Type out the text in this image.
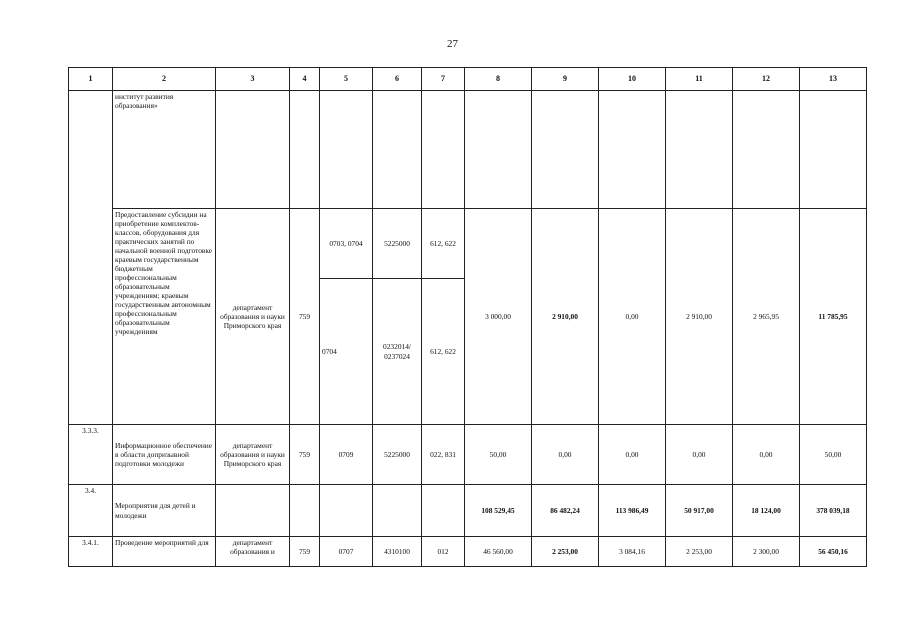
27
1	2	3	4	5	6	7	8	9	10	11	12	13
	институт развития образования»											
	Предоставление субсидии на приобретение комплектов-классов, оборудования для практических занятий по начальной военной подготовке краевым государственным бюджетным профессиональным образовательным учреждениям; краевым государственным автономным профессиональным образовательным учреждениям	департамент образования и науки Приморского края	759	0703, 0704	5225000	612, 622	3 000,00	2 910,00	0,00	2 910,00	2 965,95	11 785,95
				0704	0232014/ 0237024	612, 622						
3.3.3.	Информационное обеспечение в области допризывной подготовки молодежи	департамент образования и науки Приморского края	759	0709	5225000	022, 831	50,00	0,00	0,00	0,00	0,00	50,00
3.4.	Мероприятия для детей и молодежи						108 529,45	86 482,24	113 986,49	50 917,00	18 124,00	378 039,18
3.4.1.	Проведение мероприятий для	департамент образования и	759	0707	4310100	012	46 560,00	2 253,00	3 084,16	2 253,00	2 300,00	56 450,16
